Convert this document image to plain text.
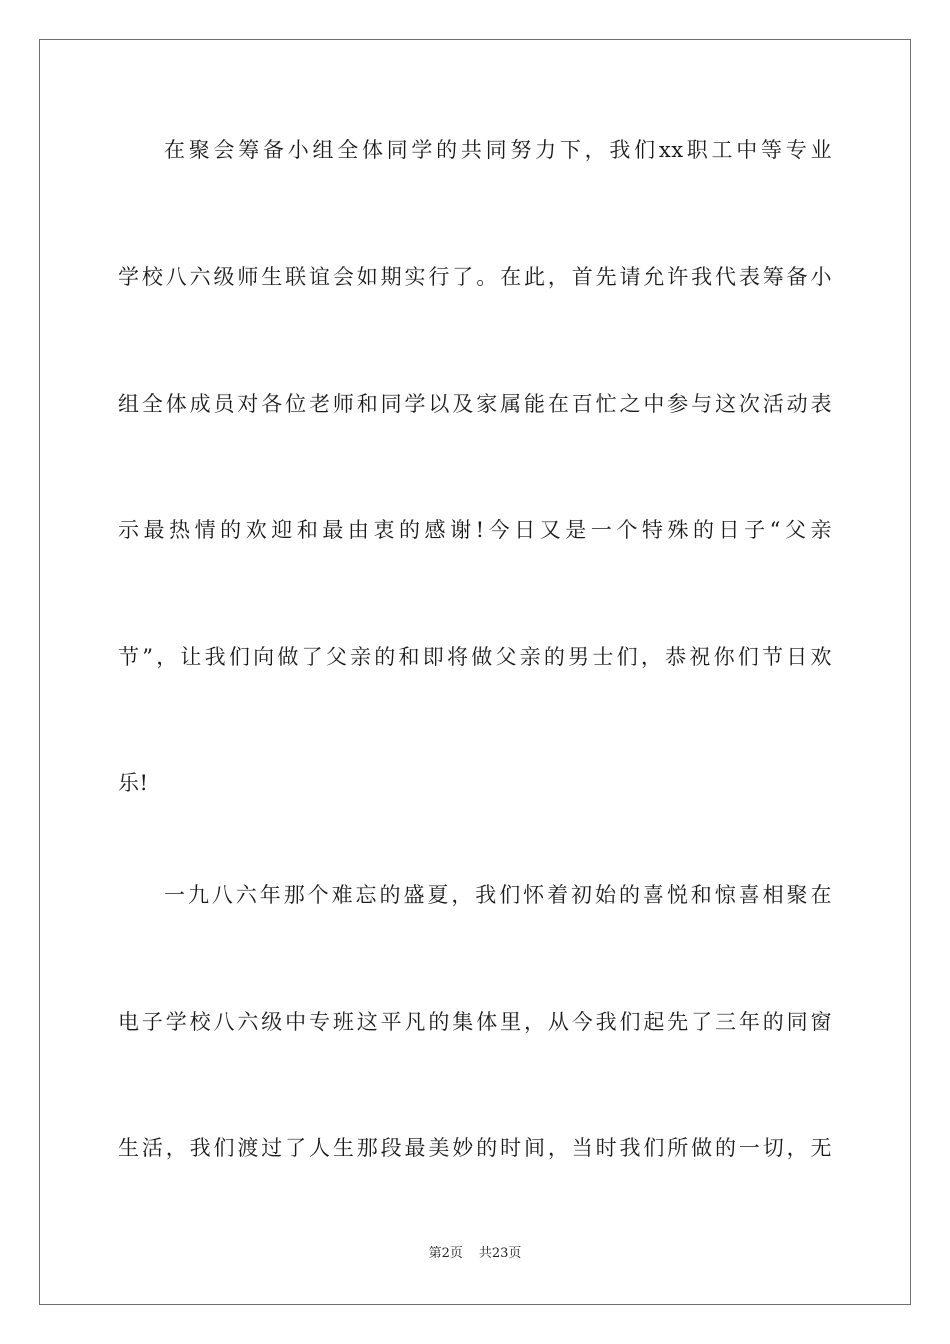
在聚会筹备小组全体同学的共同努力下，我们xx职工中等专业
学校八六级师生联谊会如期实行了。在此，首先请允许我代表筹备小
组全体成员对各位老师和同学以及家属能在百忙之中参与这次活动表
示最热情的欢迎和最由衷的感谢!今日又是一个特殊的日子“父亲
节”，让我们向做了父亲的和即将做父亲的男士们，恭祝你们节日欢
乐!
一九八六年那个难忘的盛夏，我们怀着初始的喜悦和惊喜相聚在
电子学校八六级中专班这平凡的集体里，从今我们起先了三年的同窗
生活，我们渡过了人生那段最美妙的时间，当时我们所做的一切，无
第2页 共23页
